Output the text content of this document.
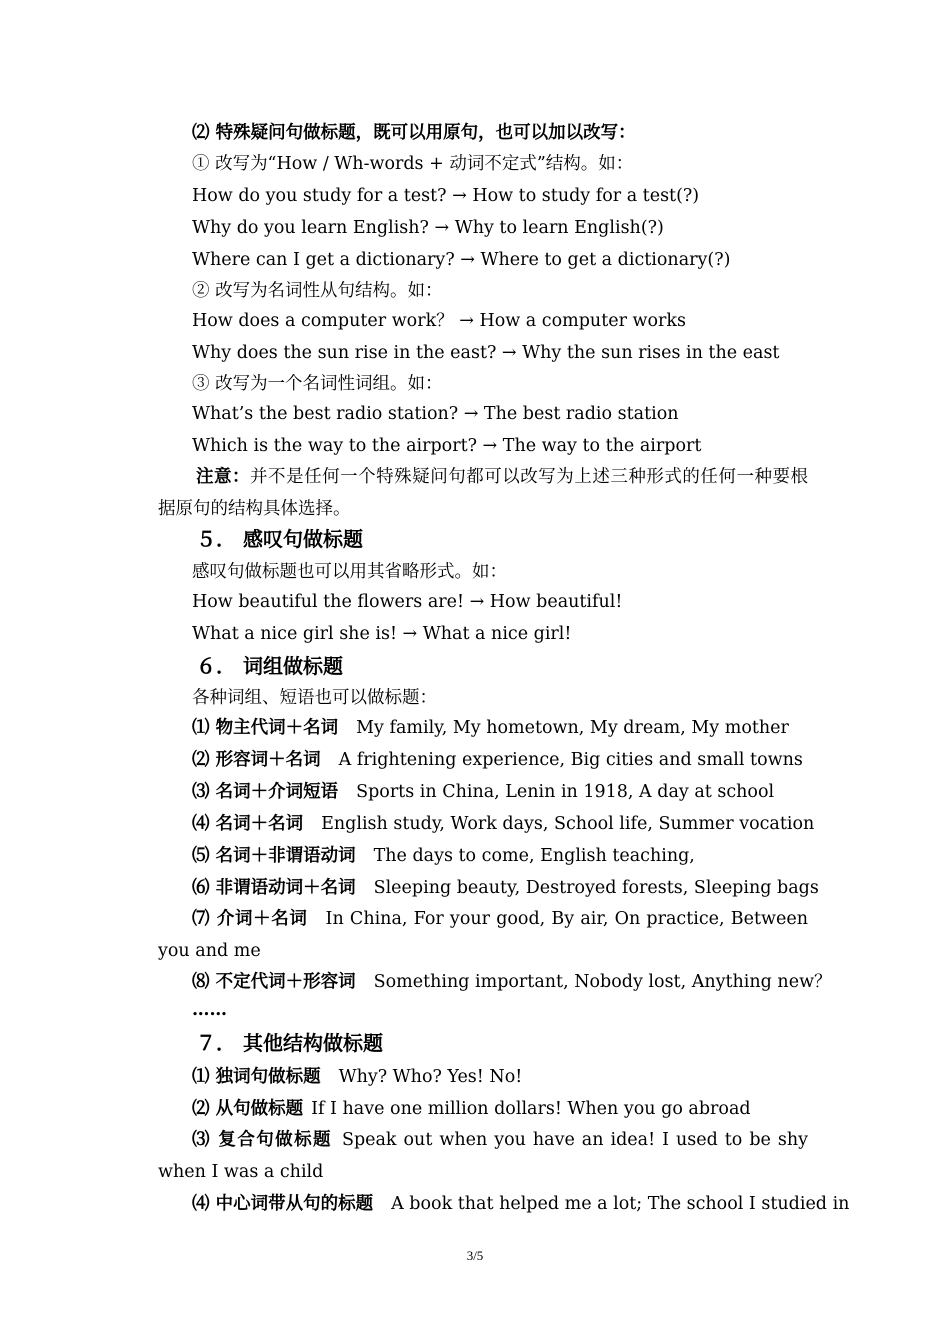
⑵ 特殊疑问句做标题，既可以用原句，也可以加以改写：
① 改写为“How / Wh-words + 动词不定式”结构。如：
How do you study for a test? → How to study for a test(?)
Why do you learn English? → Why to learn English(?)
Where can I get a dictionary? → Where to get a dictionary(?)
② 改写为名词性从句结构。如：
How does a computer work？ → How a computer works
Why does the sun rise in the east? → Why the sun rises in the east
③ 改写为一个名词性词组。如：
What’s the best radio station? → The best radio station
Which is the way to the airport? → The way to the airport
注意：并不是任何一个特殊疑问句都可以改写为上述三种形式的任何一种要根据原句的结构具体选择。
５． 感叹句做标题
感叹句做标题也可以用其省略形式。如：
How beautiful the flowers are! → How beautiful!
What a nice girl she is! → What a nice girl!
６． 词组做标题
各种词组、短语也可以做标题：
⑴ 物主代词＋名词 My family, My hometown, My dream, My mother
⑵ 形容词＋名词 A frightening experience, Big cities and small towns
⑶ 名词＋介词短语 Sports in China, Lenin in 1918, A day at school
⑷ 名词＋名词 English study, Work days, School life, Summer vocation
⑸ 名词＋非谓语动词 The days to come, English teaching,
⑹ 非谓语动词＋名词 Sleeping beauty, Destroyed forests, Sleeping bags
⑺ 介词＋名词 In China, For your good, By air, On practice, Between you and me
⑻ 不定代词＋形容词 Something important, Nobody lost, Anything new？
……
７． 其他结构做标题
⑴ 独词句做标题 Why? Who? Yes! No!
⑵ 从句做标题 If I have one million dollars! When you go abroad
⑶ 复合句做标题 Speak out when you have an idea! I used to be shy when I was a child
⑷ 中心词带从句的标题 A book that helped me a lot; The school I studied in
3/5
